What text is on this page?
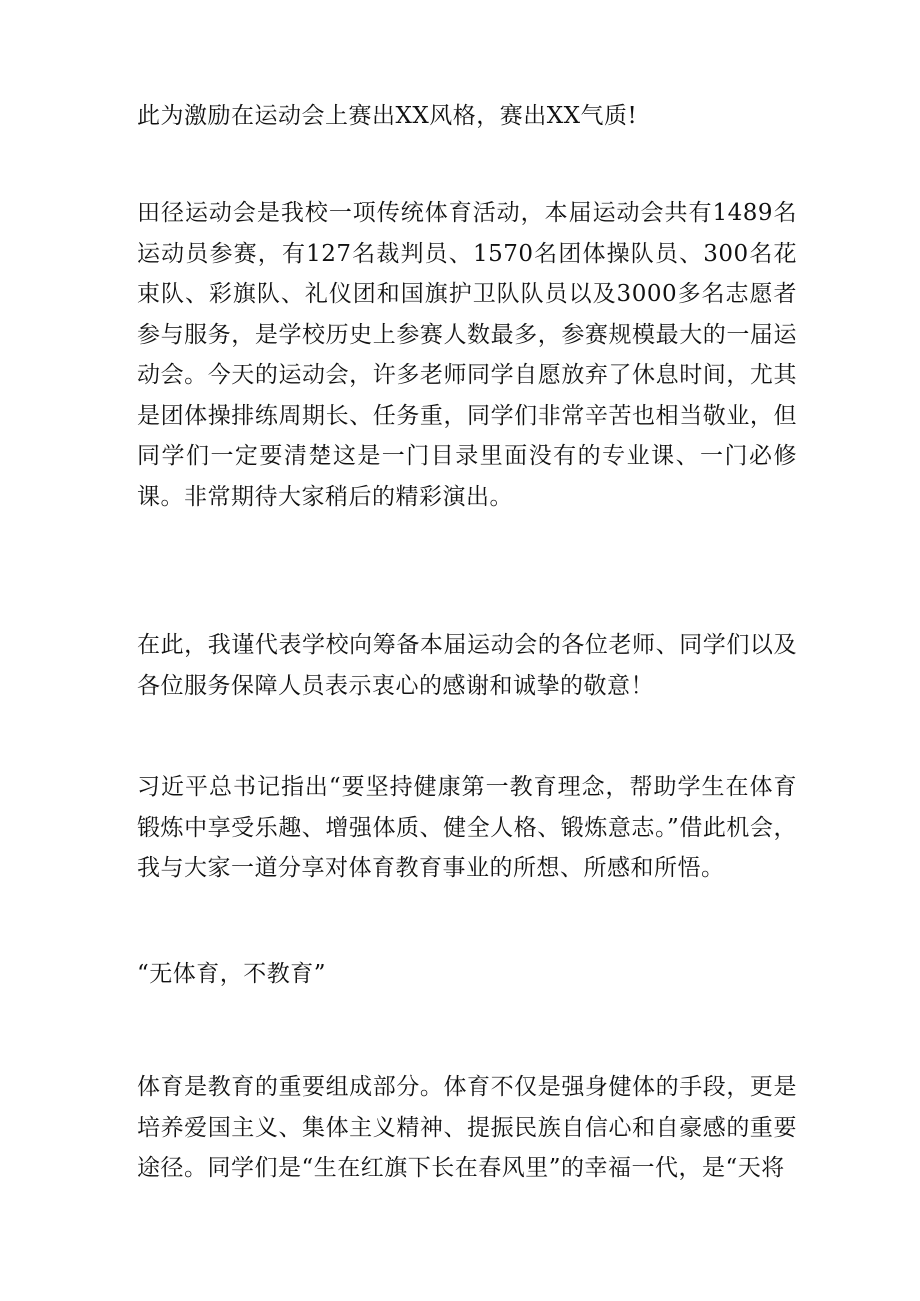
此为激励在运动会上赛出XX风格，赛出XX气质!

田径运动会是我校一项传统体育活动，本届运动会共有1489名运动员参赛，有127名裁判员、1570名团体操队员、300名花束队、彩旗队、礼仪团和国旗护卫队队员以及3000多名志愿者参与服务，是学校历史上参赛人数最多，参赛规模最大的一届运动会。今天的运动会，许多老师同学自愿放弃了休息时间，尤其是团体操排练周期长、任务重，同学们非常辛苦也相当敬业，但同学们一定要清楚这是一门目录里面没有的专业课、一门必修课。非常期待大家稍后的精彩演出。

在此，我谨代表学校向筹备本届运动会的各位老师、同学们以及各位服务保障人员表示衷心的感谢和诚挚的敬意！

习近平总书记指出“要坚持健康第一教育理念，帮助学生在体育锻炼中享受乐趣、增强体质、健全人格、锻炼意志。”借此机会，我与大家一道分享对体育教育事业的所想、所感和所悟。

“无体育，不教育”

体育是教育的重要组成部分。体育不仅是强身健体的手段，更是培养爱国主义、集体主义精神、提振民族自信心和自豪感的重要途径。同学们是“生在红旗下长在春风里”的幸福一代，是“天将
